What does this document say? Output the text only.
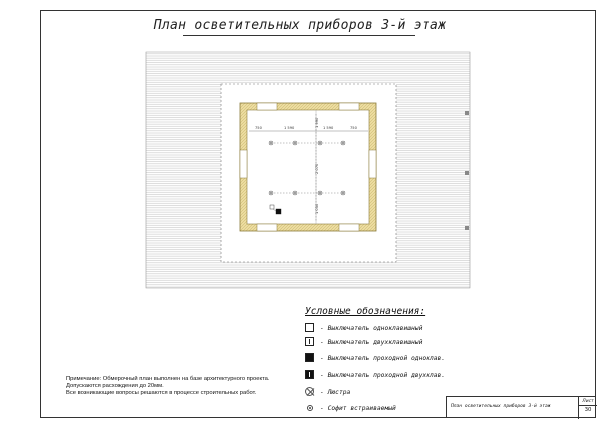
План осветительных приборов 3-й этаж
750	1 590	1 590	750
1 990
2 070
1 050
Примечание: Обмерочный план выполнен на базе архитектурного проекта.
Допускаются расхождения до 20мм.
Все возникающие вопросы решаются в процессе строительных работ.
Условные обозначения:
- Выключатель одноклавишный
- Выключатель двухклавишный
- Выключатель проходной одноклав.
- Выключатель проходной двухклав.
- Люстра
- Софит встраиваемый	План осветительных приборов 3-й этаж
Лист
30
